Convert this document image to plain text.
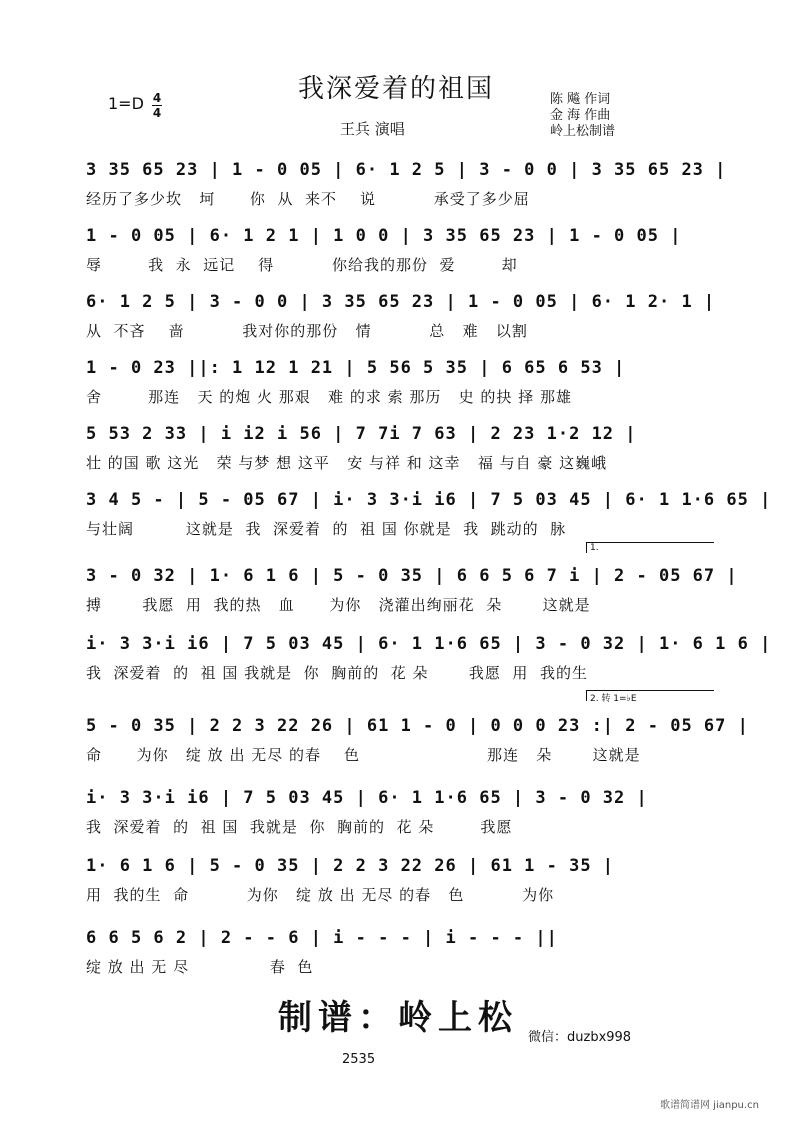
我深爱着的祖国
1=D 4
4
王兵 演唱
陈 飚 作词
金 海 作曲
岭上松制谱
3 35 65 23 | 1 - 0 05 | 6· 1 2 5 | 3 - 0 0 | 3 35 65 23 |
经历了多少坎   坷      你  从  来不    说          承受了多少屈
1 - 0 05 | 6· 1 2 1 | 1 0 0 | 3 35 65 23 | 1 - 0 05 |
辱        我  永  远记    得          你给我的那份  爱        却
6· 1 2 5 | 3 - 0 0 | 3 35 65 23 | 1 - 0 05 | 6· 1 2· 1 |
从  不吝    啬          我对你的那份   情          总   难   以割
1 - 0 23 ||: 1 12 1 21 | 5 56 5 35 | 6 65 6 53 |
舍        那连   天 的炮 火 那艰   难 的求 索 那历   史 的抉 择 那雄
5 53 2 33 | i i2 i 56 | 7 7i 7 63 | 2 23 1·2 12 |
壮 的国 歌 这光   荣 与梦 想 这平   安 与祥 和 这幸   福 与自 豪 这巍峨
3 4 5 - | 5 - 05 67 | i· 3 3·i i6 | 7 5 03 45 | 6· 1 1·6 65 |
与壮阔         这就是  我  深爱着  的  祖 国 你就是  我  跳动的  脉
3 - 0 32 | 1· 6 1 6 | 5 - 0 35 | 6 6 5 6 7 i | 2 - 05 67 |
搏       我愿  用  我的热   血      为你   浇灌出绚丽花  朵       这就是
i· 3 3·i i6 | 7 5 03 45 | 6· 1 1·6 65 | 3 - 0 32 | 1· 6 1 6 |
我  深爱着  的  祖 国 我就是  你  胸前的  花 朵       我愿  用  我的生
5 - 0 35 | 2 2 3 22 26 | 61 1 - 0 | 0 0 0 23 :| 2 - 05 67 |
命      为你   绽 放 出 无尽 的春    色                      那连   朵       这就是
i· 3 3·i i6 | 7 5 03 45 | 6· 1 1·6 65 | 3 - 0 32 |
我  深爱着  的  祖 国  我就是  你  胸前的  花 朵        我愿
1· 6 1 6 | 5 - 0 35 | 2 2 3 22 26 | 61 1 - 35 |
用  我的生  命          为你   绽 放 出 无尽 的春   色          为你
6 6 5 6 2 | 2 - - 6 | i - - - | i - - - ||
绽 放 出 无 尽              春  色
1.
2. 转 1=♭E
制谱：岭上松 微信：duzbx998
2535
歌谱简谱网 jianpu.cn
